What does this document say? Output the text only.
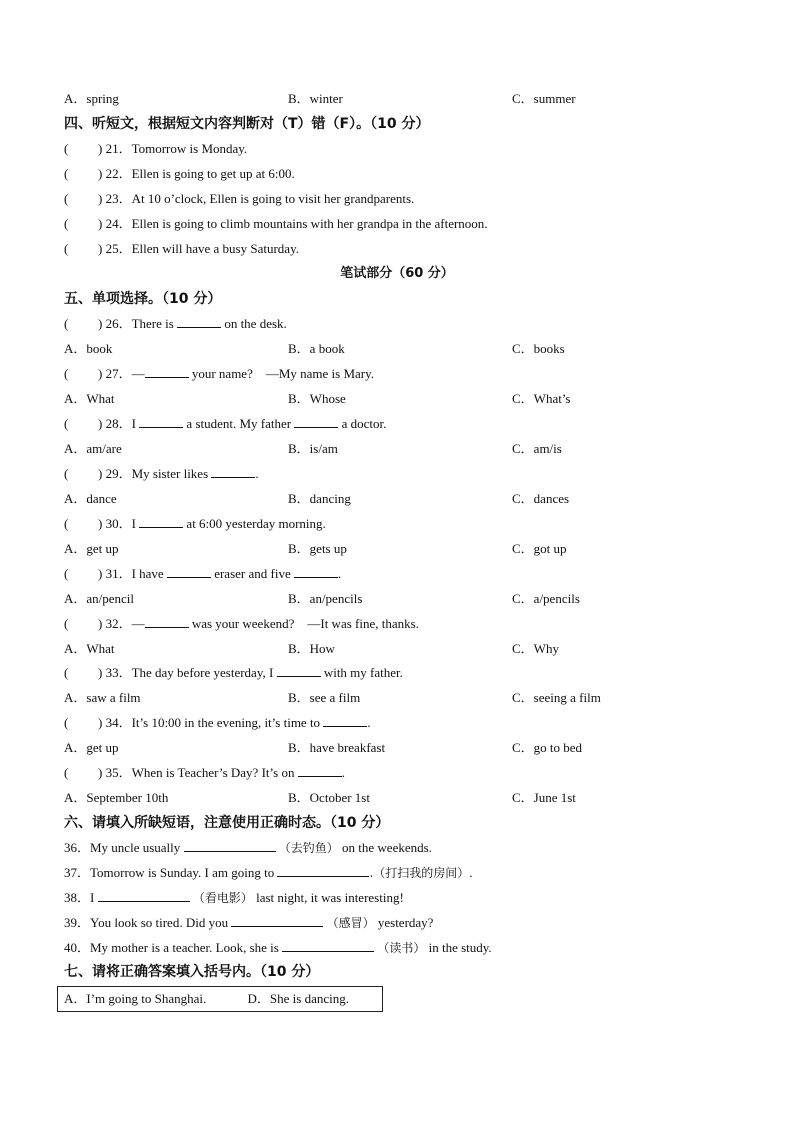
A．spring	B．winter	C．summer
四、听短文，根据短文内容判断对（T）错（F）。（10 分）
( ) 21．Tomorrow is Monday.
( ) 22．Ellen is going to get up at 6:00.
( ) 23．At 10 o’clock, Ellen is going to visit her grandparents.
( ) 24．Ellen is going to climb mountains with her grandpa in the afternoon.
( ) 25．Ellen will have a busy Saturday.
笔试部分（60 分）
五、单项选择。（10 分）
( ) 26．There is	on the desk.
A．book	B．a book	C．books
( ) 27．—	your name?　—My name is Mary.
A．What	B．Whose	C．What’s
( ) 28．I	a student. My father	a doctor.
A．am/are	B．is/am	C．am/is
( ) 29．My sister likes	.
A．dance	B．dancing	C．dances
( ) 30．I	at 6:00 yesterday morning.
A．get up	B．gets up	C．got up
( ) 31．I have	eraser and five	.
A．an/pencil	B．an/pencils	C．a/pencils
( ) 32．—	was your weekend?　—It was fine, thanks.
A．What	B．How	C．Why
( ) 33．The day before yesterday, I	with my father.
A．saw a film	B．see a film	C．seeing a film
( ) 34．It’s 10:00 in the evening, it’s time to	.
A．get up	B．have breakfast	C．go to bed
( ) 35．When is Teacher’s Day? It’s on	.
A．September 10th	B．October 1st	C．June 1st
六、请填入所缺短语，注意使用正确时态。（10 分）
36．My uncle usually	（去钓鱼） on the weekends.
37．Tomorrow is Sunday. I am going to	.（打扫我的房间）.
38．I	（看电影） last night, it was interesting!
39．You look so tired. Did you	（感冒） yesterday?
40．My mother is a teacher. Look, she is	（读书） in the study.
七、请将正确答案填入括号内。（10 分）
A．I’m going to Shanghai.	D．She is dancing.
